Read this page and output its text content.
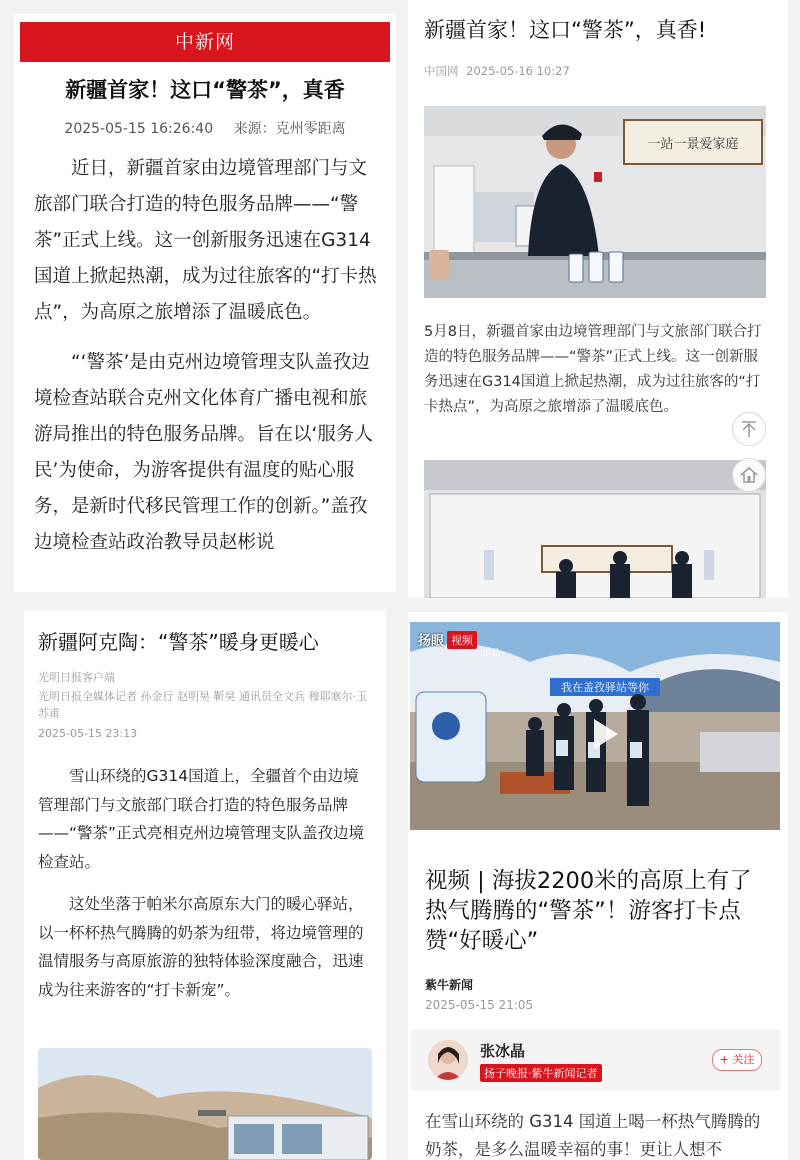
中新网
新疆首家！这口“警茶”，真香
2025-05-15 16:26:40 来源：克州零距离

近日，新疆首家由边境管理部门与文旅部门联合打造的特色服务品牌——“警茶”正式上线。这一创新服务迅速在G314国道上掀起热潮，成为过往旅客的“打卡热点”，为高原之旅增添了温暖底色。

“‘警茶’是由克州边境管理支队盖孜边境检查站联合克州文化体育广播电视和旅游局推出的特色服务品牌。旨在以‘服务人民’为使命，为游客提供有温度的贴心服务，是新时代移民管理工作的创新。”盖孜边境检查站政治教导员赵彬说

新疆首家！这口“警茶”，真香!
中国网 2025-05-16 10:27
一站一景爱家庭
5月8日，新疆首家由边境管理部门与文旅部门联合打造的特色服务品牌——“警茶”正式上线。这一创新服务迅速在G314国道上掀起热潮，成为过往旅客的“打卡热点”，为高原之旅增添了温暖底色。
新疆阿克陶：“警茶”暖身更暖心
光明日报客户端
光明日报全媒体记者 孙金行 赵明昊 靳昊 通讯员全文兵 穆耶塞尔·玉苏甫
2025-05-15 23:13

雪山环绕的G314国道上，全疆首个由边境管理部门与文旅部门联合打造的特色服务品牌——“警茶”正式亮相克州边境管理支队盖孜边境检查站。

这处坐落于帕米尔高原东大门的暖心驿站，以一杯杯热气腾腾的奶茶为纽带，将边境管理的温情服务与高原旅游的独特体验深度融合，迅速成为往来游客的“打卡新宠”。

我在盖孜驿站等你
扬眼 视频
出品
视频 | 海拔2200米的高原上有了热气腾腾的“警茶”！游客打卡点赞“好暖心”
紫牛新闻
2025-05-15 21:05
张冰晶
扬子晚报·紫牛新闻记者
+ 关注
在雪山环绕的 G314 国道上喝一杯热气腾腾的奶茶，是多么温暖幸福的事！更让人想不
